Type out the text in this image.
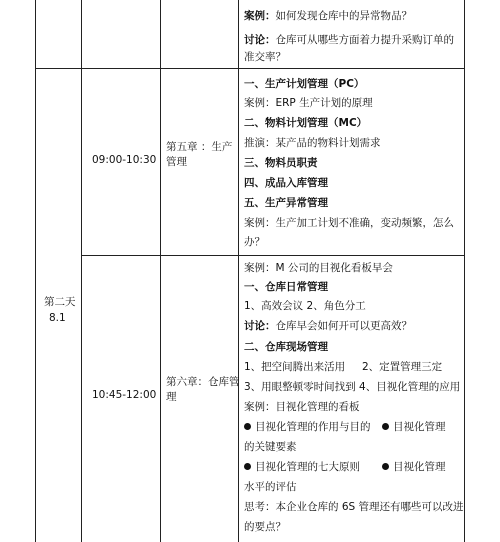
案例：如何发现仓库中的异常物品？
讨论：仓库可从哪些方面着力提升采购订单的
准交率？
第二天
8.1
09:00-10:30
第五章 ：生产
管理
一、生产计划管理（PC）
案例：ERP 生产计划的原理
二、物料计划管理（MC）
推演：某产品的物料计划需求
三、物料员职责
四、成品入库管理
五、生产异常管理
案例：生产加工计划不准确，变动频繁，怎么
办？
10:45-12:00
第六章：仓库管
理
案例：M 公司的目视化看板早会
一、仓库日常管理
1、高效会议 2、角色分工
讨论：仓库早会如何开可以更高效？
二、仓库现场管理
1、把空间腾出来活用 2、定置管理三定
3、用眼整顿零时间找到 4、目视化管理的应用
案例：目视化管理的看板
目视化管理的作用与目的	目视化管理
的关键要素
目视化管理的七大原则	目视化管理
水平的评估
思考：本企业仓库的 6S 管理还有哪些可以改进
的要点？
